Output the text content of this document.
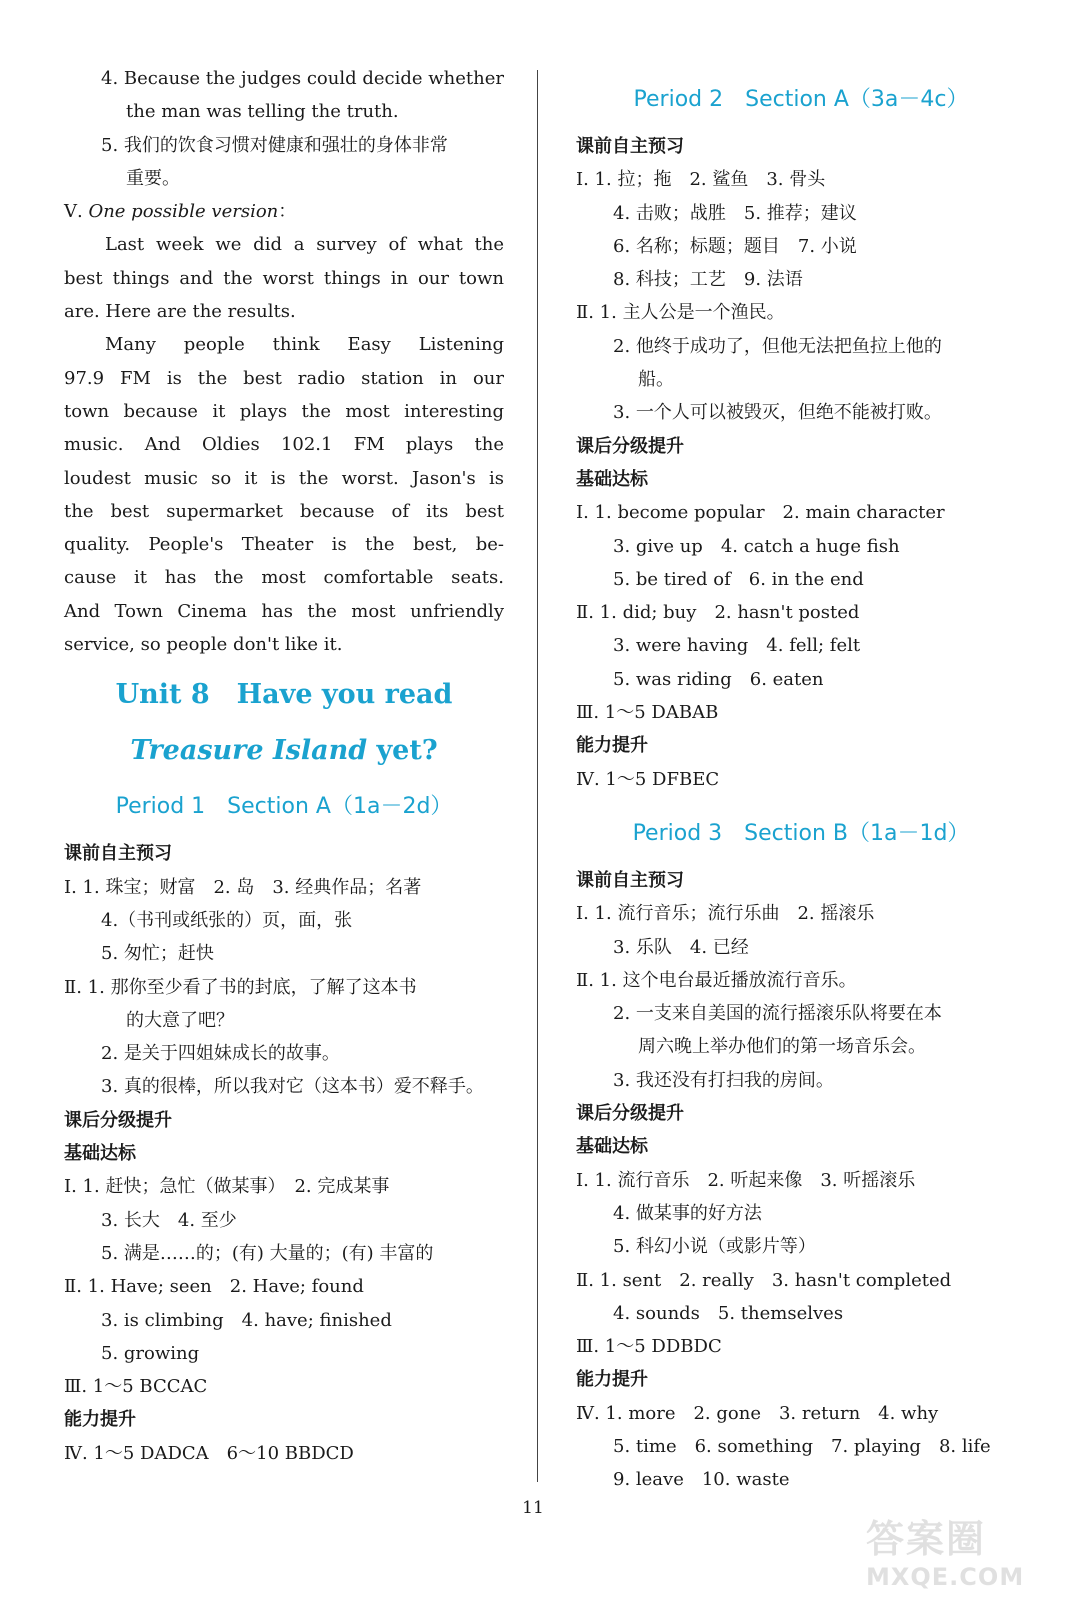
4. Because the judges could decide whether
the man was telling the truth.
5. 我们的饮食习惯对健康和强壮的身体非常
重要。
Ⅴ. One possible version：
Last week we did a survey of what the
best things and the worst things in our town
are. Here are the results.
Many people think Easy Listening
97.9 FM is the best radio station in our
town because it plays the most interesting
music. And Oldies 102.1 FM plays the
loudest music so it is the worst. Jason's is
the best supermarket because of its best
quality. People's Theater is the best, be-
cause it has the most comfortable seats.
And Town Cinema has the most unfriendly
service, so people don't like it.
Unit 8　Have you read
Treasure Island yet?
Period 1　Section A（1a－2d）
课前自主预习
Ⅰ. 1. 珠宝；财富　2. 岛　3. 经典作品；名著
4.（书刊或纸张的）页，面，张
5. 匆忙；赶快
Ⅱ. 1. 那你至少看了书的封底，了解了这本书
的大意了吧？
2. 是关于四姐妹成长的故事。
3. 真的很棒，所以我对它（这本书）爱不释手。
课后分级提升
基础达标
Ⅰ. 1. 赶快；急忙（做某事）　2. 完成某事
3. 长大　4. 至少
5. 满是……的；(有) 大量的；(有) 丰富的
Ⅱ. 1. Have; seen　2. Have; found
3. is climbing　4. have; finished
5. growing
Ⅲ. 1～5 BCCAC
能力提升
Ⅳ. 1～5 DADCA　6～10 BBDCD
Period 2　Section A（3a－4c）
课前自主预习
Ⅰ. 1. 拉；拖　2. 鲨鱼　3. 骨头
4. 击败；战胜　5. 推荐；建议
6. 名称；标题；题目　7. 小说
8. 科技；工艺　9. 法语
Ⅱ. 1. 主人公是一个渔民。
2. 他终于成功了，但他无法把鱼拉上他的
船。
3. 一个人可以被毁灭，但绝不能被打败。
课后分级提升
基础达标
Ⅰ. 1. become popular　2. main character
3. give up　4. catch a huge fish
5. be tired of　6. in the end
Ⅱ. 1. did; buy　2. hasn't posted
3. were having　4. fell; felt
5. was riding　6. eaten
Ⅲ. 1～5 DABAB
能力提升
Ⅳ. 1～5 DFBEC
Period 3　Section B（1a－1d）
课前自主预习
Ⅰ. 1. 流行音乐；流行乐曲　2. 摇滚乐
3. 乐队　4. 已经
Ⅱ. 1. 这个电台最近播放流行音乐。
2. 一支来自美国的流行摇滚乐队将要在本
周六晚上举办他们的第一场音乐会。
3. 我还没有打扫我的房间。
课后分级提升
基础达标
Ⅰ. 1. 流行音乐　2. 听起来像　3. 听摇滚乐
4. 做某事的好方法
5. 科幻小说（或影片等）
Ⅱ. 1. sent　2. really　3. hasn't completed
4. sounds　5. themselves
Ⅲ. 1～5 DDBDC
能力提升
Ⅳ. 1. more　2. gone　3. return　4. why
5. time　6. something　7. playing　8. life
9. leave　10. waste
11
答案圈
MXQE.COM
